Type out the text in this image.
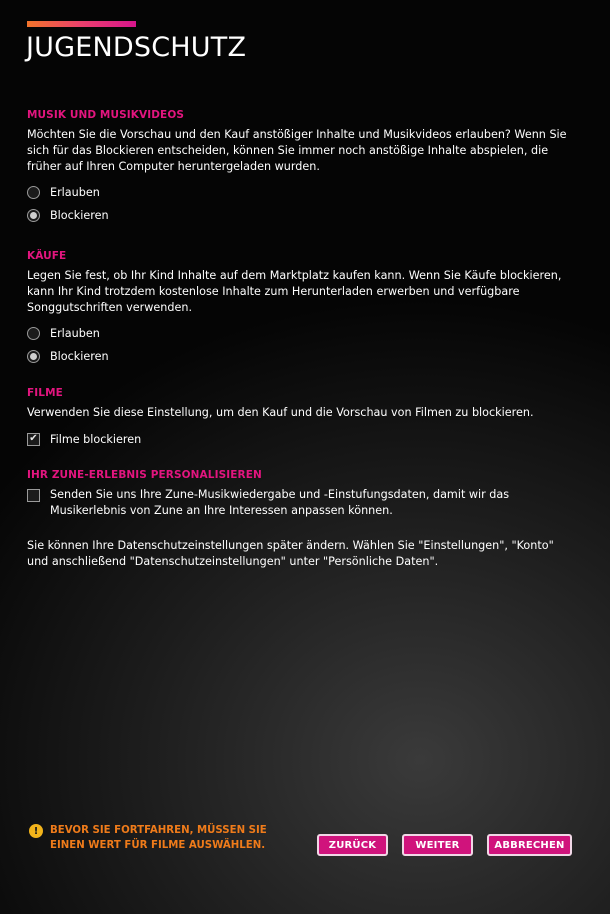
JUGENDSCHUTZ
MUSIK UND MUSIKVIDEOS
Möchten Sie die Vorschau und den Kauf anstößiger Inhalte und Musikvideos erlauben? Wenn Sie sich für das Blockieren entscheiden, können Sie immer noch anstößige Inhalte abspielen, die früher auf Ihren Computer heruntergeladen wurden.
Erlauben
Blockieren
KÄUFE
Legen Sie fest, ob Ihr Kind Inhalte auf dem Marktplatz kaufen kann. Wenn Sie Käufe blockieren, kann Ihr Kind trotzdem kostenlose Inhalte zum Herunterladen erwerben und verfügbare Songgutschriften verwenden.
Erlauben
Blockieren
FILME
Verwenden Sie diese Einstellung, um den Kauf und die Vorschau von Filmen zu blockieren.
✔ Filme blockieren
IHR ZUNE-ERLEBNIS PERSONALISIEREN
Senden Sie uns Ihre Zune-Musikwiedergabe und -Einstufungsdaten, damit wir das Musikerlebnis von Zune an Ihre Interessen anpassen können.
Sie können Ihre Datenschutzeinstellungen später ändern. Wählen Sie "Einstellungen", "Konto" und anschließend "Datenschutzeinstellungen" unter "Persönliche Daten".
!	BEVOR SIE FORTFAHREN, MÜSSEN SIE EINEN WERT FÜR FILME AUSWÄHLEN.	ZURÜCK	WEITER	ABBRECHEN
